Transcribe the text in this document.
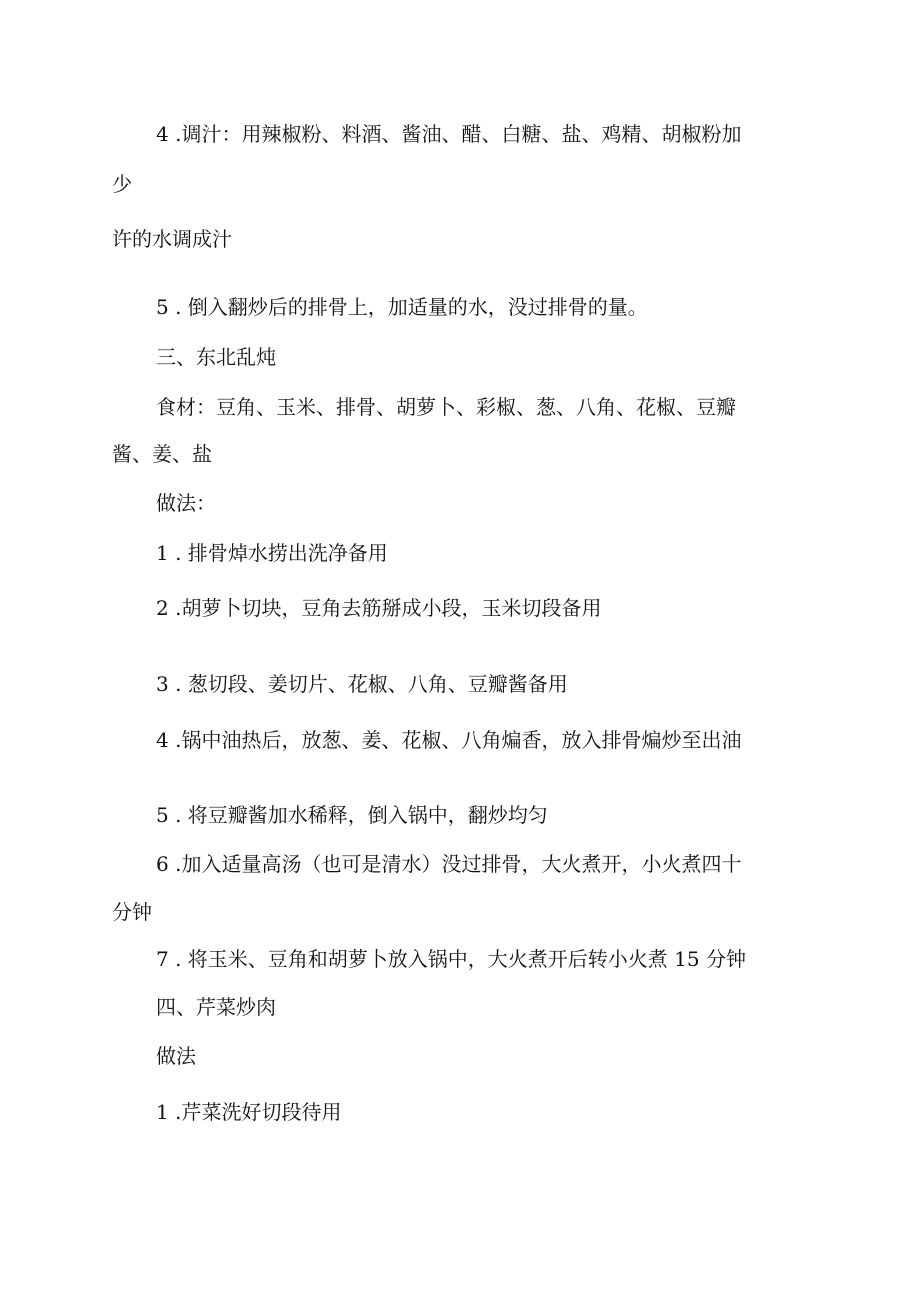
4 .调汁：用辣椒粉、料酒、酱油、醋、白糖、盐、鸡精、胡椒粉加

少

许的水调成汁

5 . 倒入翻炒后的排骨上，加适量的水，没过排骨的量。

三、东北乱炖

食材：豆角、玉米、排骨、胡萝卜、彩椒、葱、八角、花椒、豆瓣

酱、姜、盐

做法：

1 . 排骨焯水捞出洗净备用

2 .胡萝卜切块，豆角去筋掰成小段，玉米切段备用

3 . 葱切段、姜切片、花椒、八角、豆瓣酱备用

4 .锅中油热后，放葱、姜、花椒、八角煸香，放入排骨煸炒至出油

5 . 将豆瓣酱加水稀释，倒入锅中，翻炒均匀

6 .加入适量高汤（也可是清水）没过排骨，大火煮开，小火煮四十

分钟

7 . 将玉米、豆角和胡萝卜放入锅中，大火煮开后转小火煮 15 分钟

四、芹菜炒肉

做法

1 .芹菜洗好切段待用
